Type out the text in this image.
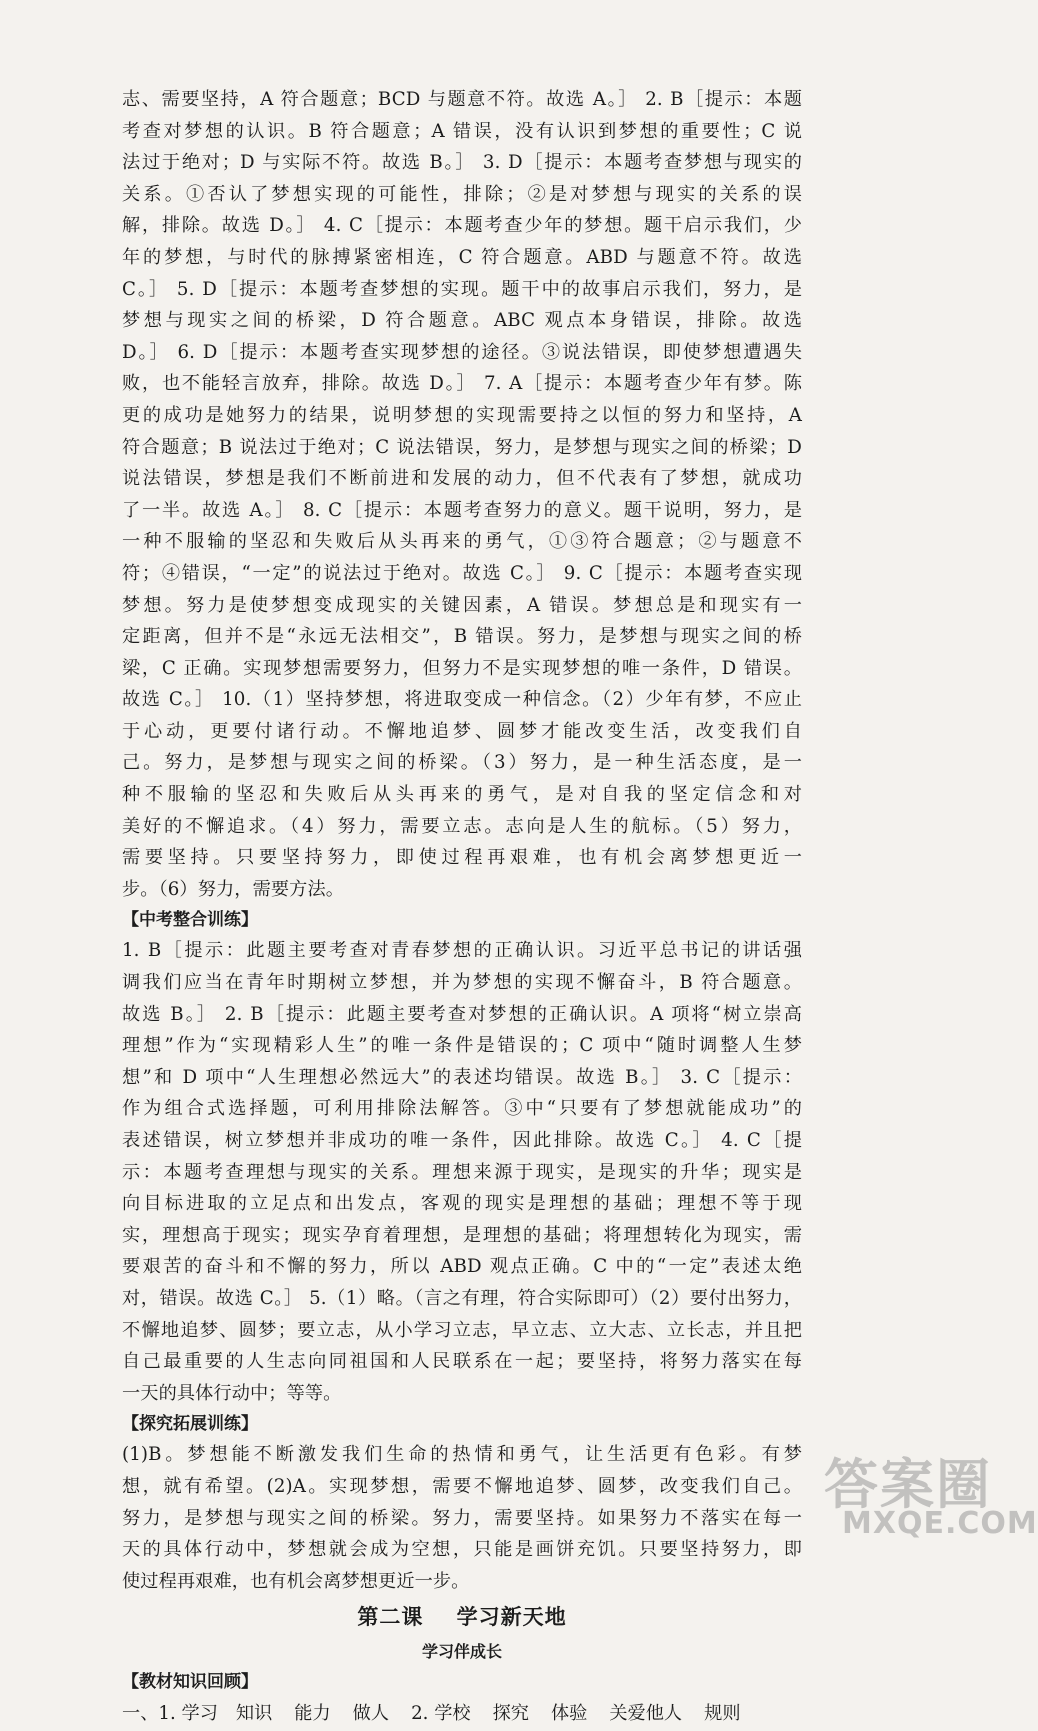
志、需要坚持，A 符合题意；BCD 与题意不符。故选 A。］ 2. B［提示：本题
考查对梦想的认识。B 符合题意；A 错误，没有认识到梦想的重要性；C 说
法过于绝对；D 与实际不符。故选 B。］ 3. D［提示：本题考查梦想与现实的
关系。①否认了梦想实现的可能性，排除；②是对梦想与现实的关系的误
解，排除。故选 D。］ 4. C［提示：本题考查少年的梦想。题干启示我们，少
年的梦想，与时代的脉搏紧密相连，C 符合题意。ABD 与题意不符。故选
C。］ 5. D［提示：本题考查梦想的实现。题干中的故事启示我们，努力，是
梦想与现实之间的桥梁，D 符合题意。ABC 观点本身错误，排除。故选
D。］ 6. D［提示：本题考查实现梦想的途径。③说法错误，即使梦想遭遇失
败，也不能轻言放弃，排除。故选 D。］ 7. A［提示：本题考查少年有梦。陈
更的成功是她努力的结果，说明梦想的实现需要持之以恒的努力和坚持，A
符合题意；B 说法过于绝对；C 说法错误，努力，是梦想与现实之间的桥梁；D
说法错误，梦想是我们不断前进和发展的动力，但不代表有了梦想，就成功
了一半。故选 A。］ 8. C［提示：本题考查努力的意义。题干说明，努力，是
一种不服输的坚忍和失败后从头再来的勇气，①③符合题意；②与题意不
符；④错误，“一定”的说法过于绝对。故选 C。］ 9. C［提示：本题考查实现
梦想。努力是使梦想变成现实的关键因素，A 错误。梦想总是和现实有一
定距离，但并不是“永远无法相交”，B 错误。努力，是梦想与现实之间的桥
梁，C 正确。实现梦想需要努力，但努力不是实现梦想的唯一条件，D 错误。
故选 C。］ 10.（1）坚持梦想，将进取变成一种信念。（2）少年有梦，不应止
于心动，更要付诸行动。不懈地追梦、圆梦才能改变生活，改变我们自
己。努力，是梦想与现实之间的桥梁。（3）努力，是一种生活态度，是一
种不服输的坚忍和失败后从头再来的勇气，是对自我的坚定信念和对
美好的不懈追求。（4）努力，需要立志。志向是人生的航标。（5）努力，
需要坚持。只要坚持努力，即使过程再艰难，也有机会离梦想更近一
步。（6）努力，需要方法。
【中考整合训练】
1. B［提示：此题主要考查对青春梦想的正确认识。习近平总书记的讲话强
调我们应当在青年时期树立梦想，并为梦想的实现不懈奋斗，B 符合题意。
故选 B。］ 2. B［提示：此题主要考查对梦想的正确认识。A 项将“树立崇高
理想”作为“实现精彩人生”的唯一条件是错误的；C 项中“随时调整人生梦
想”和 D 项中“人生理想必然远大”的表述均错误。故选 B。］ 3. C［提示：
作为组合式选择题，可利用排除法解答。③中“只要有了梦想就能成功”的
表述错误，树立梦想并非成功的唯一条件，因此排除。故选 C。］ 4. C［提
示：本题考查理想与现实的关系。理想来源于现实，是现实的升华；现实是
向目标进取的立足点和出发点，客观的现实是理想的基础；理想不等于现
实，理想高于现实；现实孕育着理想，是理想的基础；将理想转化为现实，需
要艰苦的奋斗和不懈的努力，所以 ABD 观点正确。C 中的“一定”表述太绝
对，错误。故选 C。］ 5.（1）略。（言之有理，符合实际即可）（2）要付出努力，
不懈地追梦、圆梦；要立志，从小学习立志，早立志、立大志、立长志，并且把
自己最重要的人生志向同祖国和人民联系在一起；要坚持，将努力落实在每
一天的具体行动中；等等。
【探究拓展训练】
(1)B。梦想能不断激发我们生命的热情和勇气，让生活更有色彩。有梦
想，就有希望。(2)A。实现梦想，需要不懈地追梦、圆梦，改变我们自己。
努力，是梦想与现实之间的桥梁。努力，需要坚持。如果努力不落实在每一
天的具体行动中，梦想就会成为空想，只能是画饼充饥。只要坚持努力，即
使过程再艰难，也有机会离梦想更近一步。
第二课    学习新天地
学习伴成长
【教材知识回顾】
一、1. 学习 知识 能力 做人 2. 学校 探究 体验 关爱他人 规则
答案圈
MXQE.COM
